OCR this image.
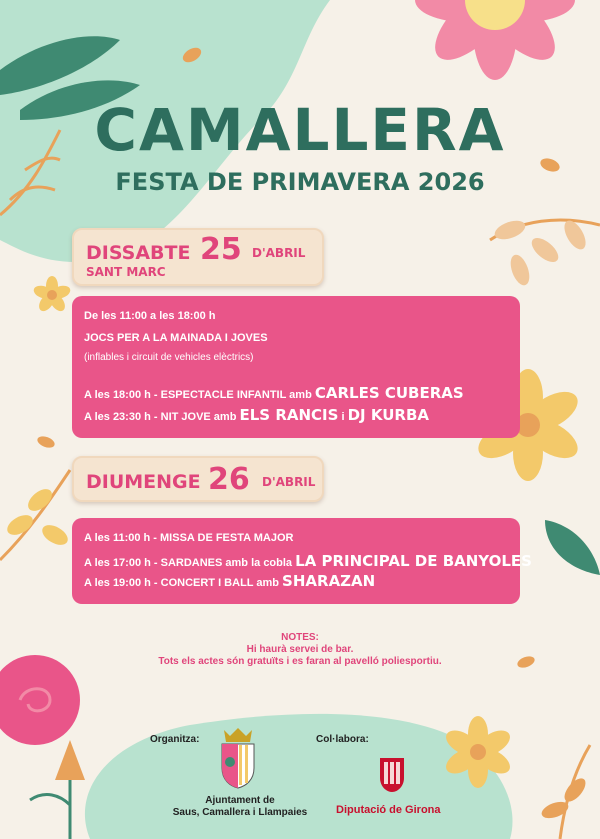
CAMALLERA
FESTA DE PRIMAVERA 2026
DISSABTE 25 D'ABRIL
SANT MARC
De les 11:00 a les 18:00 h
JOCS PER A LA MAINADA I JOVES
(inflables i circuit de vehicles elèctrics)
A les 18:00 h - ESPECTACLE INFANTIL amb CARLES CUBERAS
A les 23:30 h - NIT JOVE amb ELS RANCIS i DJ KURBA
DIUMENGE 26 D'ABRIL
A les 11:00 h - MISSA DE FESTA MAJOR
A les 17:00 h - SARDANES amb la cobla LA PRINCIPAL DE BANYOLES
A les 19:00 h - CONCERT I BALL amb SHARAZAN
NOTES:
Hi haurà servei de bar.
Tots els actes són gratuïts i es faran al pavelló poliesportiu.
Organitza:
Ajuntament de
Saus, Camallera i Llampaies
Col·labora:
Diputació de Girona
